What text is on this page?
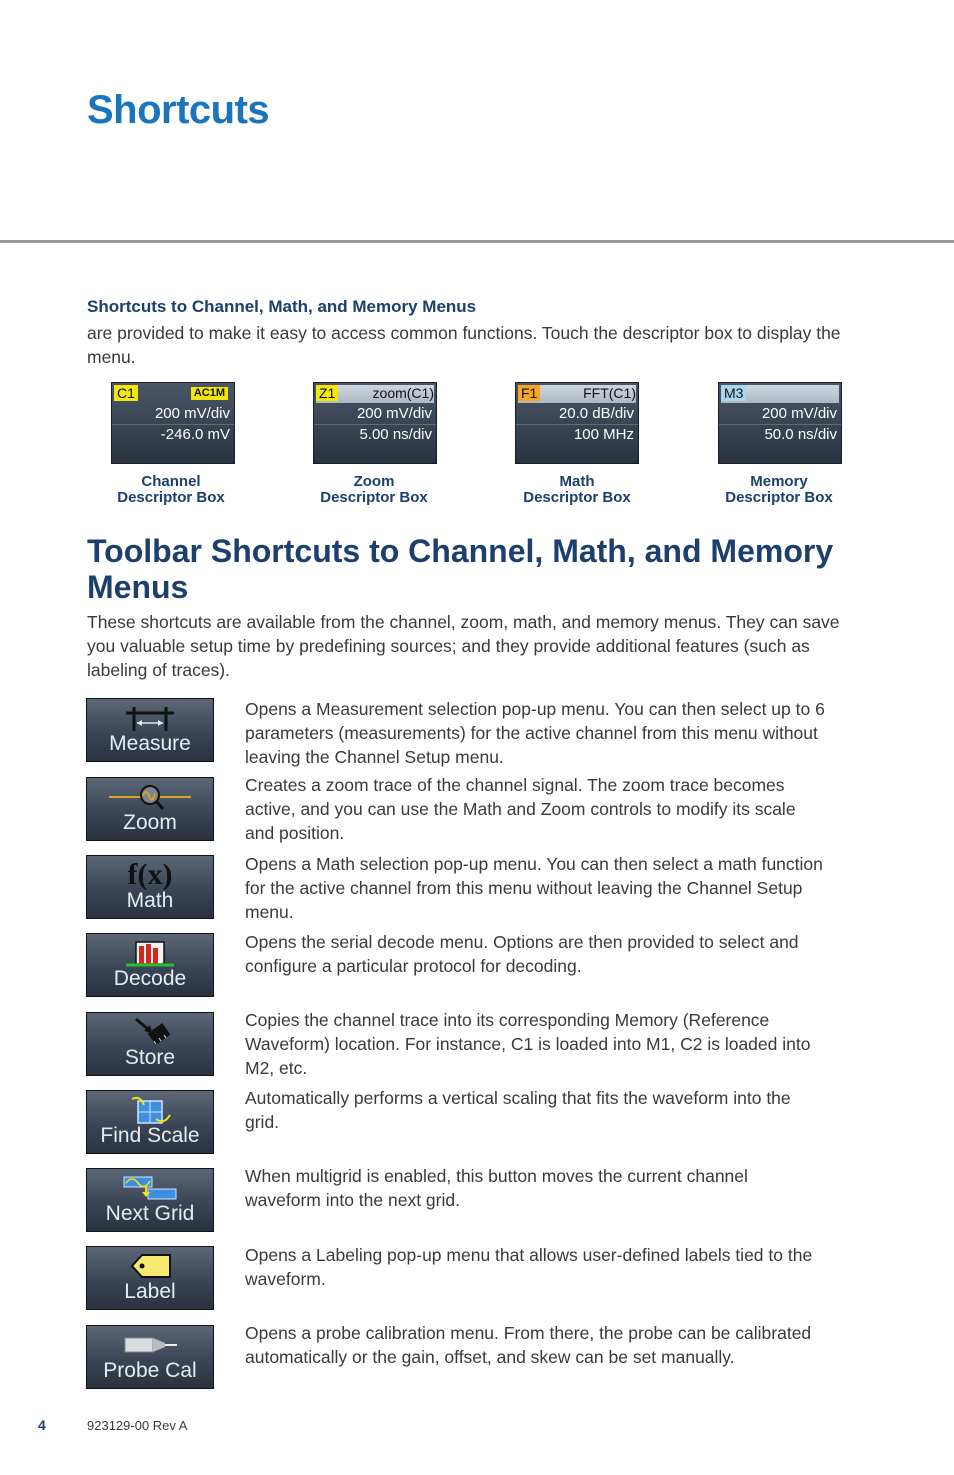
Shortcuts
Shortcuts to Channel, Math, and Memory Menus

are provided to make it easy to access common functions. Touch the descriptor box to display the menu.

C1	AC1M
200 mV/div
-246.0 mV
Z1	zoom(C1)
200 mV/div
5.00 ns/div
F1	FFT(C1)
20.0 dB/div
100 MHz
M3
200 mV/div
50.0 ns/div

Channel
Descriptor Box

Zoom
Descriptor Box

Math
Descriptor Box

Memory
Descriptor Box

Toolbar Shortcuts to Channel, Math, and Memory Menus

These shortcuts are available from the channel, zoom, math, and memory menus. They can save you valuable setup time by predefining sources; and they provide additional features (such as labeling of traces).

Measure

Opens a Measurement selection pop-up menu. You can then select up to 6 parameters (measurements) for the active channel from this menu without leaving the Channel Setup menu.

Zoom

Creates a zoom trace of the channel signal. The zoom trace becomes active, and you can use the Math and Zoom controls to modify its scale and position.

f(x)
Math

Opens a Math selection pop-up menu. You can then select a math function for the active channel from this menu without leaving the Channel Setup menu.

Decode

Opens the serial decode menu. Options are then provided to select and configure a particular protocol for decoding.

Store

Copies the channel trace into its corresponding Memory (Reference Waveform) location. For instance, C1 is loaded into M1, C2 is loaded into M2, etc.

Find Scale

Automatically performs a vertical scaling that fits the waveform into the grid.

Next Grid

When multigrid is enabled, this button moves the current channel waveform into the next grid.

Label

Opens a Labeling pop-up menu that allows user-defined labels tied to the waveform.

Probe Cal

Opens a probe calibration menu. From there, the probe can be calibrated automatically or the gain, offset, and skew can be set manually.

4	923129-00 Rev A
